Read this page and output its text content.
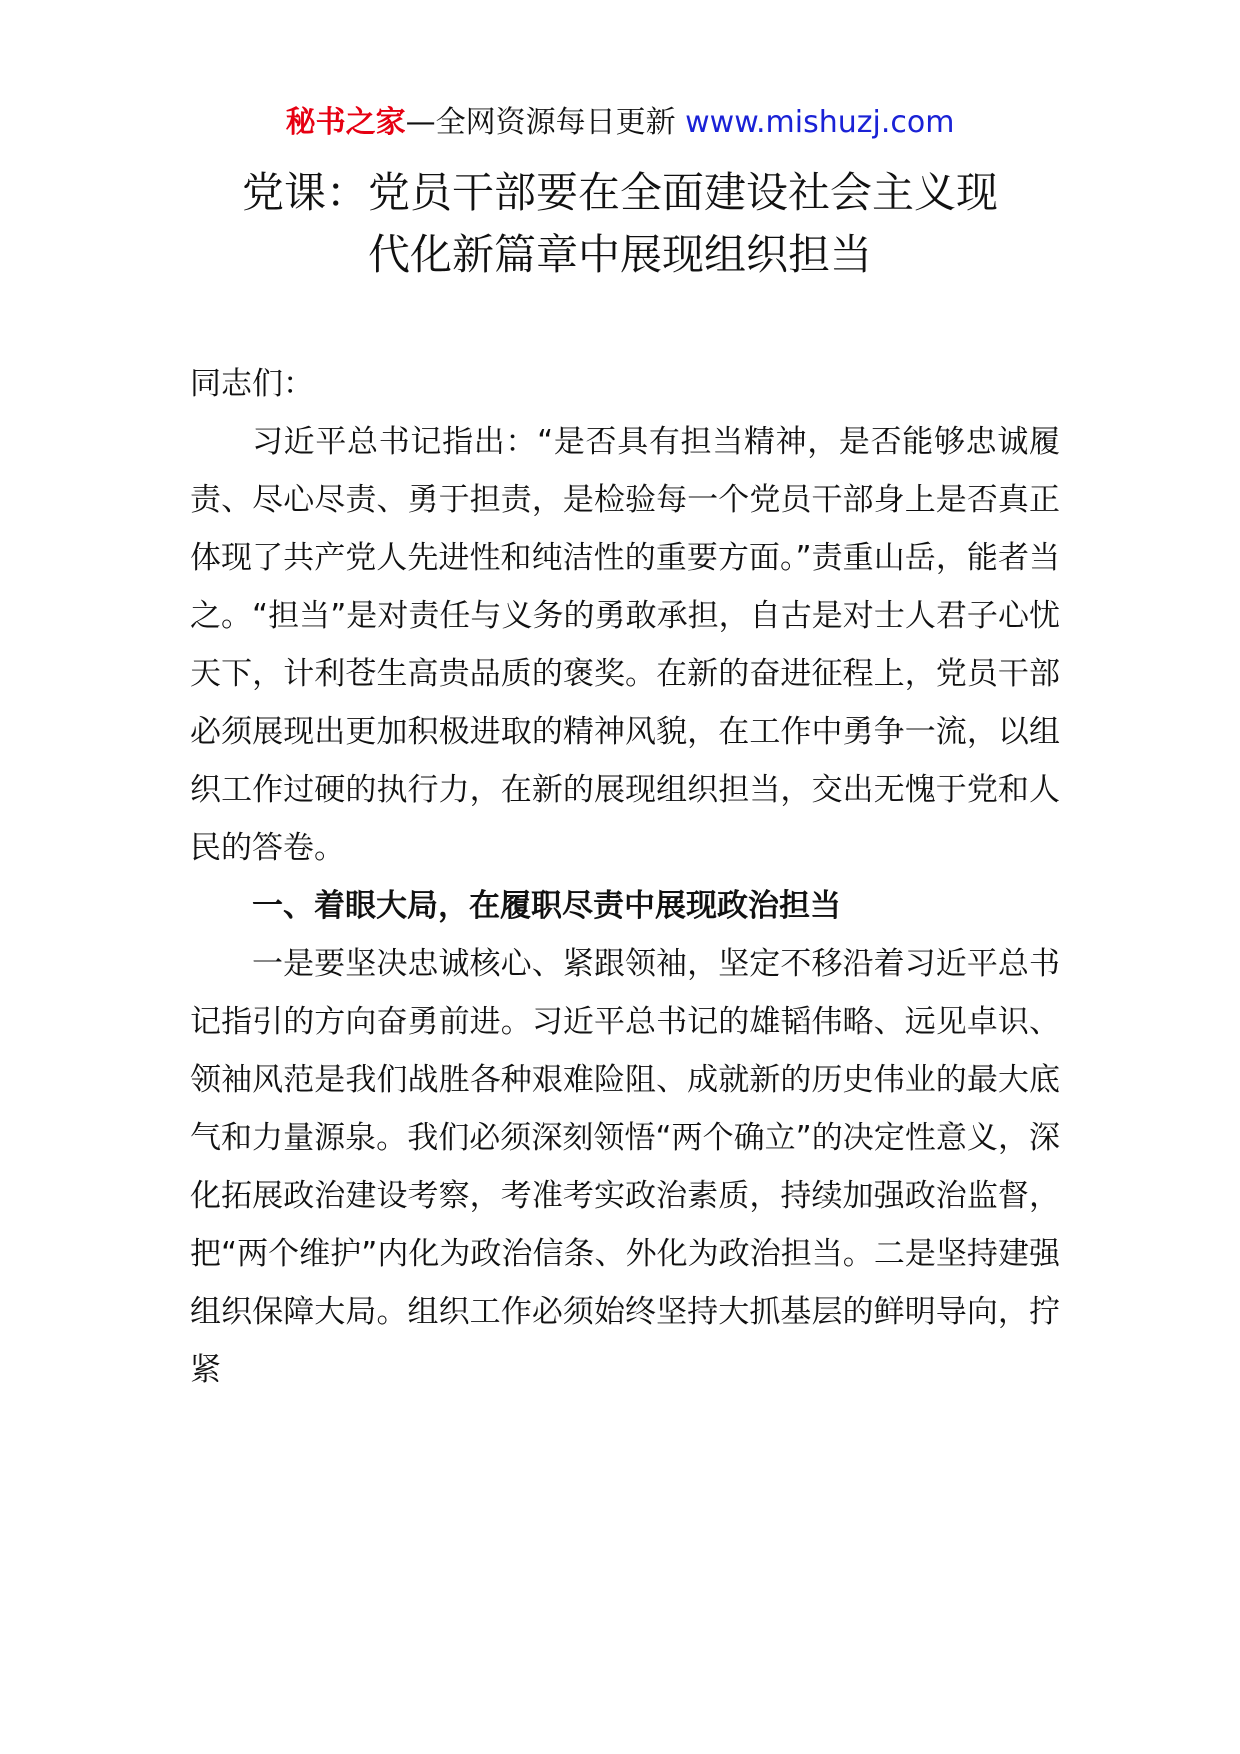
秘书之家—全网资源每日更新 www.mishuzj.com
党课：党员干部要在全面建设社会主义现
代化新篇章中展现组织担当

同志们：

习近平总书记指出：“是否具有担当精神，是否能够忠诚履责、尽心尽责、勇于担责，是检验每一个党员干部身上是否真正体现了共产党人先进性和纯洁性的重要方面。”责重山岳，能者当之。“担当”是对责任与义务的勇敢承担，自古是对士人君子心忧天下，计利苍生高贵品质的褒奖。在新的奋进征程上，党员干部必须展现出更加积极进取的精神风貌，在工作中勇争一流，以组织工作过硬的执行力，在新的展现组织担当，交出无愧于党和人民的答卷。

一、着眼大局，在履职尽责中展现政治担当

一是要坚决忠诚核心、紧跟领袖，坚定不移沿着习近平总书记指引的方向奋勇前进。习近平总书记的雄韬伟略、远见卓识、领袖风范是我们战胜各种艰难险阻、成就新的历史伟业的最大底气和力量源泉。我们必须深刻领悟“两个确立”的决定性意义，深化拓展政治建设考察，考准考实政治素质，持续加强政治监督，把“两个维护”内化为政治信条、外化为政治担当。二是坚持建强组织保障大局。组织工作必须始终坚持大抓基层的鲜明导向，拧紧
